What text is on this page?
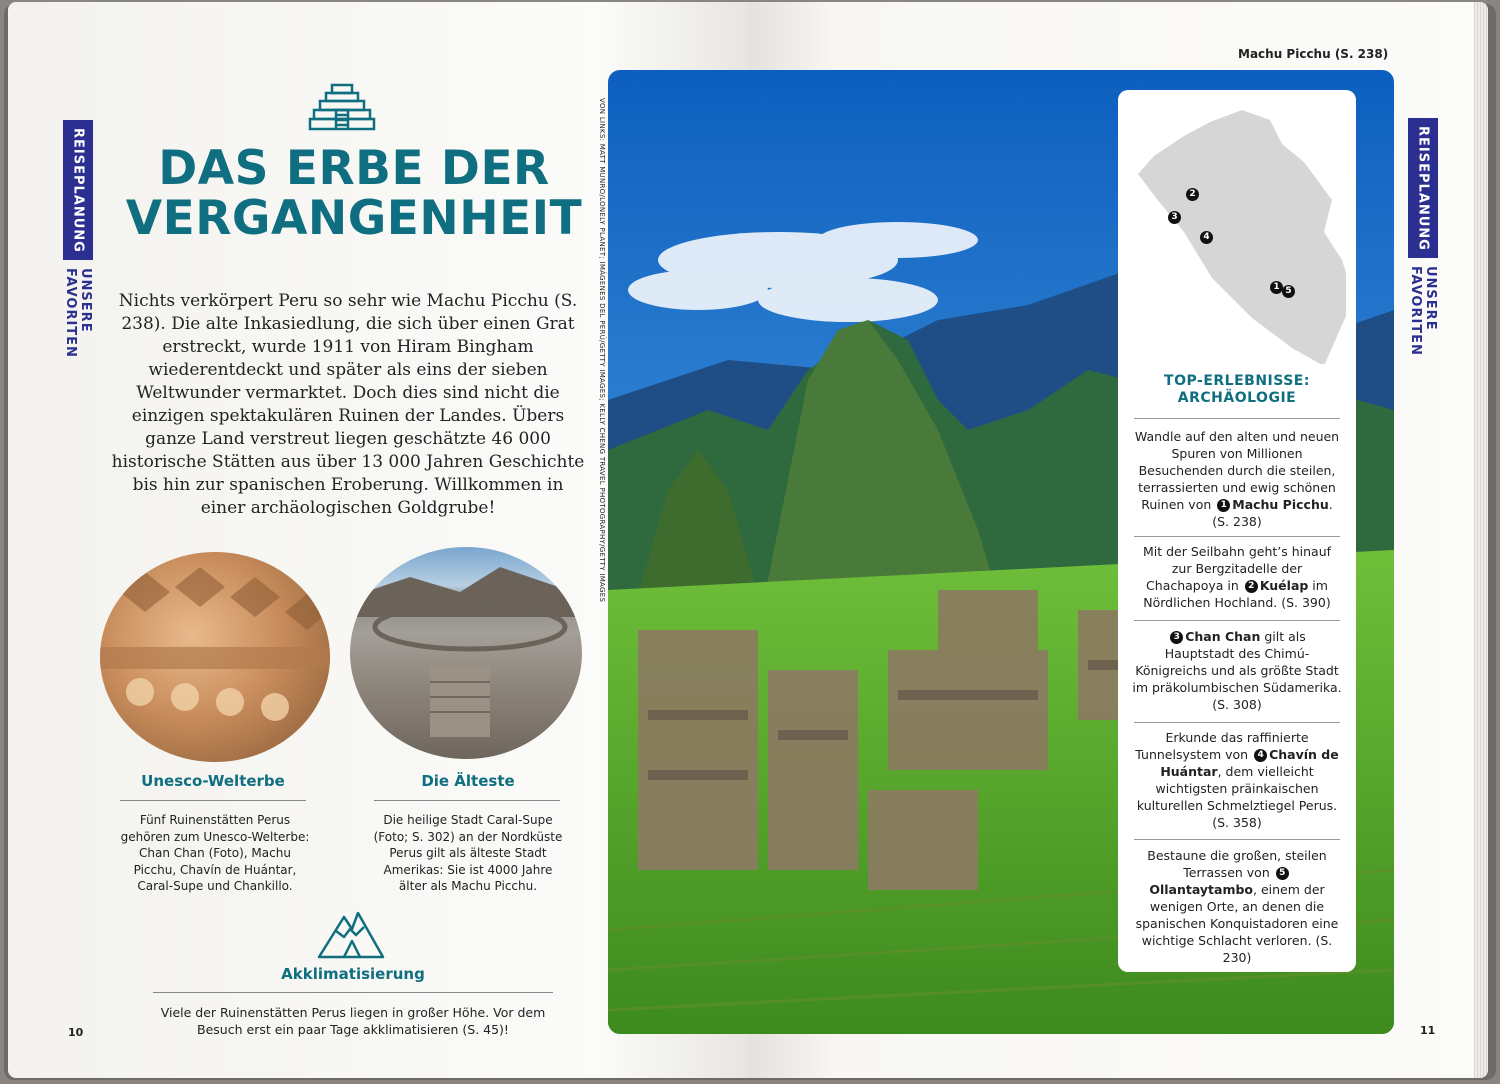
REISEPLANUNG
UNSERE FAVORITEN
DAS ERBE DER
VERGANGENHEIT
Nichts verkörpert Peru so sehr wie Machu Picchu (S. 238). Die alte Inkasiedlung, die sich über einen Grat erstreckt, wurde 1911 von Hiram Bingham wiederentdeckt und später als eins der sieben Weltwunder vermarktet. Doch dies sind nicht die einzigen spektakulären Ruinen der Landes. Übers ganze Land verstreut liegen geschätzte 46 000 historische Stätten aus über 13 000 Jahren Geschichte bis hin zur spanischen Eroberung. Willkommen in einer archäologischen Goldgrube!
Unesco-Welterbe
Fünf Ruinenstätten Perus gehören zum Unesco-Welterbe: Chan Chan (Foto), Machu Picchu, Chavín de Huántar, Caral-Supe und Chankillo.
Die Älteste
Die heilige Stadt Caral-Supe (Foto; S. 302) an der Nordküste Perus gilt als älteste Stadt Amerikas: Sie ist 4000 Jahre älter als Machu Picchu.
Akklimatisierung
Viele der Ruinenstätten Perus liegen in großer Höhe. Vor dem Besuch erst ein paar Tage akklimatisieren (S. 45)!
10
Machu Picchu (S. 238)
REISEPLANUNG
UNSERE FAVORITEN
VON LINKS: MATT MUNRO/LONELY PLANET; IMÁGENES DEL PERÚ/GETTY IMAGES; KELLY CHENG TRAVEL PHOTOGRAPHY/GETTY IMAGES	2
3
4
1 5
TOP-ERLEBNISSE:
ARCHÄOLOGIE
Wandle auf den alten und neuen Spuren von Millionen Besuchenden durch die steilen, terrassierten und ewig schönen Ruinen von 1 Machu Picchu. (S. 238)
Mit der Seilbahn geht’s hinauf zur Bergzitadelle der Chachapoya in 2 Kuélap im Nördlichen Hochland. (S. 390)
3 Chan Chan gilt als Hauptstadt des Chimú-Königreichs und als größte Stadt im präkolumbischen Südamerika. (S. 308)
Erkunde das raffinierte Tunnelsystem von 4 Chavín de Huántar, dem vielleicht wichtigsten präinkaischen kulturellen Schmelztiegel Perus. (S. 358)
Bestaune die großen, steilen Terrassen von 5Ollantaytambo, einem der wenigen Orte, an denen die spanischen Konquistadoren eine wichtige Schlacht verloren. (S. 230)
11
